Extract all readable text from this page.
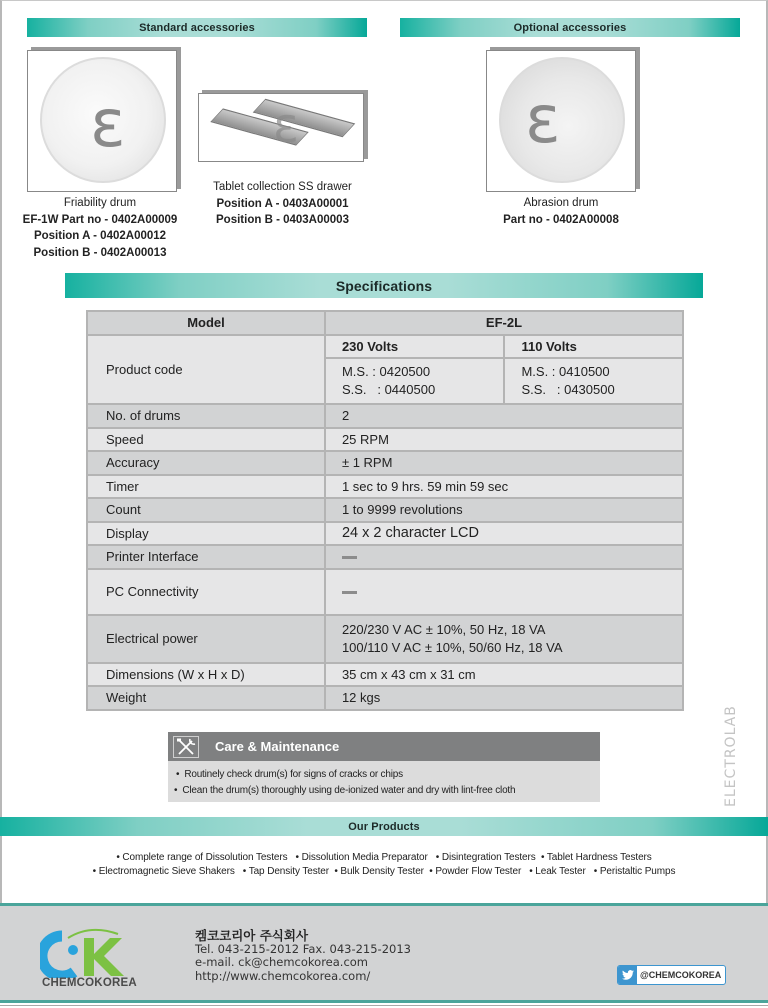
Standard accessories
ε
Friability drum
EF-1W Part no - 0402A00009
Position A - 0402A00012
Position B - 0402A00013
ε
Tablet collection SS drawer
Position A - 0403A00001
Position B - 0403A00003
Optional accessories
ε
Abrasion drum
Part no - 0402A00008
Specifications
Model	EF-2L	
Product code	230 Volts	110 Volts

M.S. : 0420500
S.S.   : 0440500

M.S. : 0410500
S.S.   : 0430500

No. of drums	2	
Speed	25 RPM	
Accuracy	± 1 RPM	
Timer	1 sec to 9 hrs. 59 min 59 sec	
Count	1 to 9999 revolutions	
Display	24 x 2 character LCD	
Printer Interface		
PC Connectivity		
Electrical power	220/230 V AC ± 10%, 50 Hz, 18 VA
100/110 V AC ± 10%, 50/60 Hz, 18 VA	

Dimensions (W x H x D)	35 cm x 43 cm x 31 cm	
Weight	12 kgs	
Care & Maintenance
• Routinely check drum(s) for signs of cracks or chips
• Clean the drum(s) thoroughly using de-ionized water and dry with lint-free cloth	ELECTROLAB
Our Products
• Complete range of Dissolution Testers   • Dissolution Media Preparator   • Disintegration Testers  • Tablet Hardness Testers
• Electromagnetic Sieve Shakers   • Tap Density Tester  • Bulk Density Tester  • Powder Flow Tester   • Leak Tester   • Peristaltic Pumps
CHEMCOKOREA
켐코코리아 주식회사
Tel. 043-215-2012 Fax. 043-215-2013
e-mail. ck@chemcokorea.com
http://www.chemcokorea.com/	@CHEMCOKOREA
